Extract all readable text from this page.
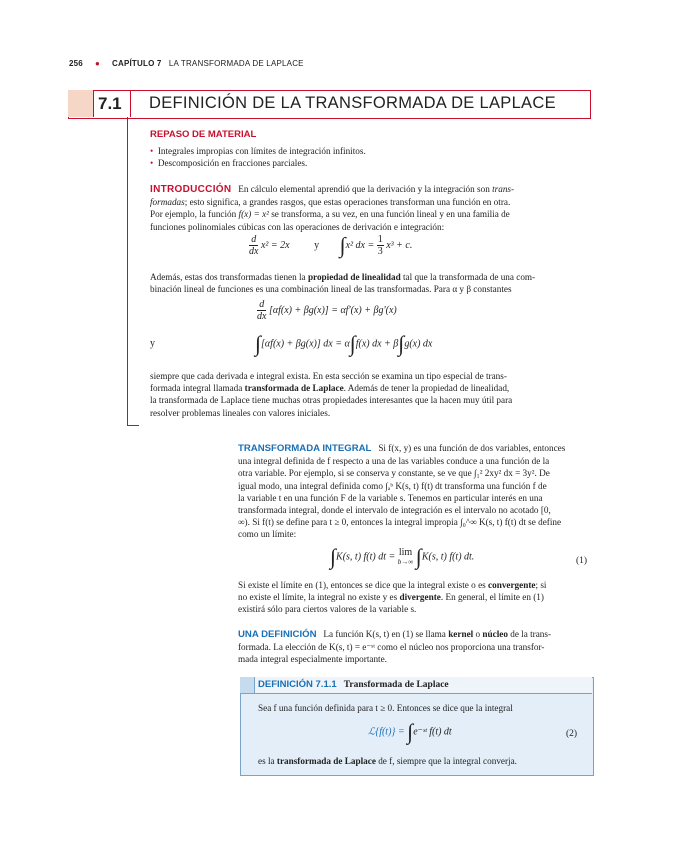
256 ● CAPÍTULO 7 LA TRANSFORMADA DE LAPLACE
7.1 DEFINICIÓN DE LA TRANSFORMADA DE LAPLACE
REPASO DE MATERIAL
• Integrales impropias con límites de integración infinitos.
• Descomposición en fracciones parciales.
INTRODUCCIÓN En cálculo elemental aprendió que la derivación y la integración son trans-
formadas; esto significa, a grandes rasgos, que estas operaciones transforman una función en otra.
Por ejemplo, la función f(x) = x² se transforma, a su vez, en una función lineal y en una familia de
funciones polinomiales cúbicas con las operaciones de derivación e integración:
$\frac{d}{dx} x^2 = 2x$ y ∫x² dx = $\frac{1}{3} x^3 + c$.
Además, estas dos transformadas tienen la propiedad de linealidad tal que la transformada de una com-
binación lineal de funciones es una combinación lineal de las transformadas. Para α y β constantes
$\frac{d}{dx} [\alpha f(x) + \beta g(x)] = \alpha f'(x) + \beta g'(x)$
y	∫[αf(x) + βg(x)] dx = α∫f(x) dx + β∫g(x) dx
siempre que cada derivada e integral exista. En esta sección se examina un tipo especial de trans-
formada integral llamada transformada de Laplace. Además de tener la propiedad de linealidad,
la transformada de Laplace tiene muchas otras propiedades interesantes que la hacen muy útil para
resolver problemas lineales con valores iniciales.
TRANSFORMADA INTEGRAL Si f(x, y) es una función de dos variables, entonces
una integral definida de f respecto a una de las variables conduce a una función de la
otra variable. Por ejemplo, si se conserva y constante, se ve que ∫₁² 2xy² dx = 3y². De
igual modo, una integral definida como ∫ₐᵇ K(s, t) f(t) dt transforma una función f de
la variable t en una función F de la variable s. Tenemos en particular interés en una
transformada integral, donde el intervalo de integración es el intervalo no acotado [0,
∞). Si f(t) se define para t ≥ 0, entonces la integral impropia ∫₀^∞ K(s, t) f(t) dt se define
como un límite:
∫K(s, t) f(t) dt = lim
b→∞ ∫K(s, t) f(t) dt.	(1)
Si existe el límite en (1), entonces se dice que la integral existe o es convergente; si
no existe el límite, la integral no existe y es divergente. En general, el límite en (1)
existirá sólo para ciertos valores de la variable s.
UNA DEFINICIÓN La función K(s, t) en (1) se llama kernel o núcleo de la trans-
formada. La elección de K(s, t) = e⁻ˢᵗ como el núcleo nos proporciona una transfor-
mada integral especialmente importante.
DEFINICIÓN 7.1.1 Transformada de Laplace
Sea f una función definida para t ≥ 0. Entonces se dice que la integral
ℒ{f(t)} = ∫e⁻ˢᵗ f(t) dt	(2)
es la transformada de Laplace de f, siempre que la integral converja.
